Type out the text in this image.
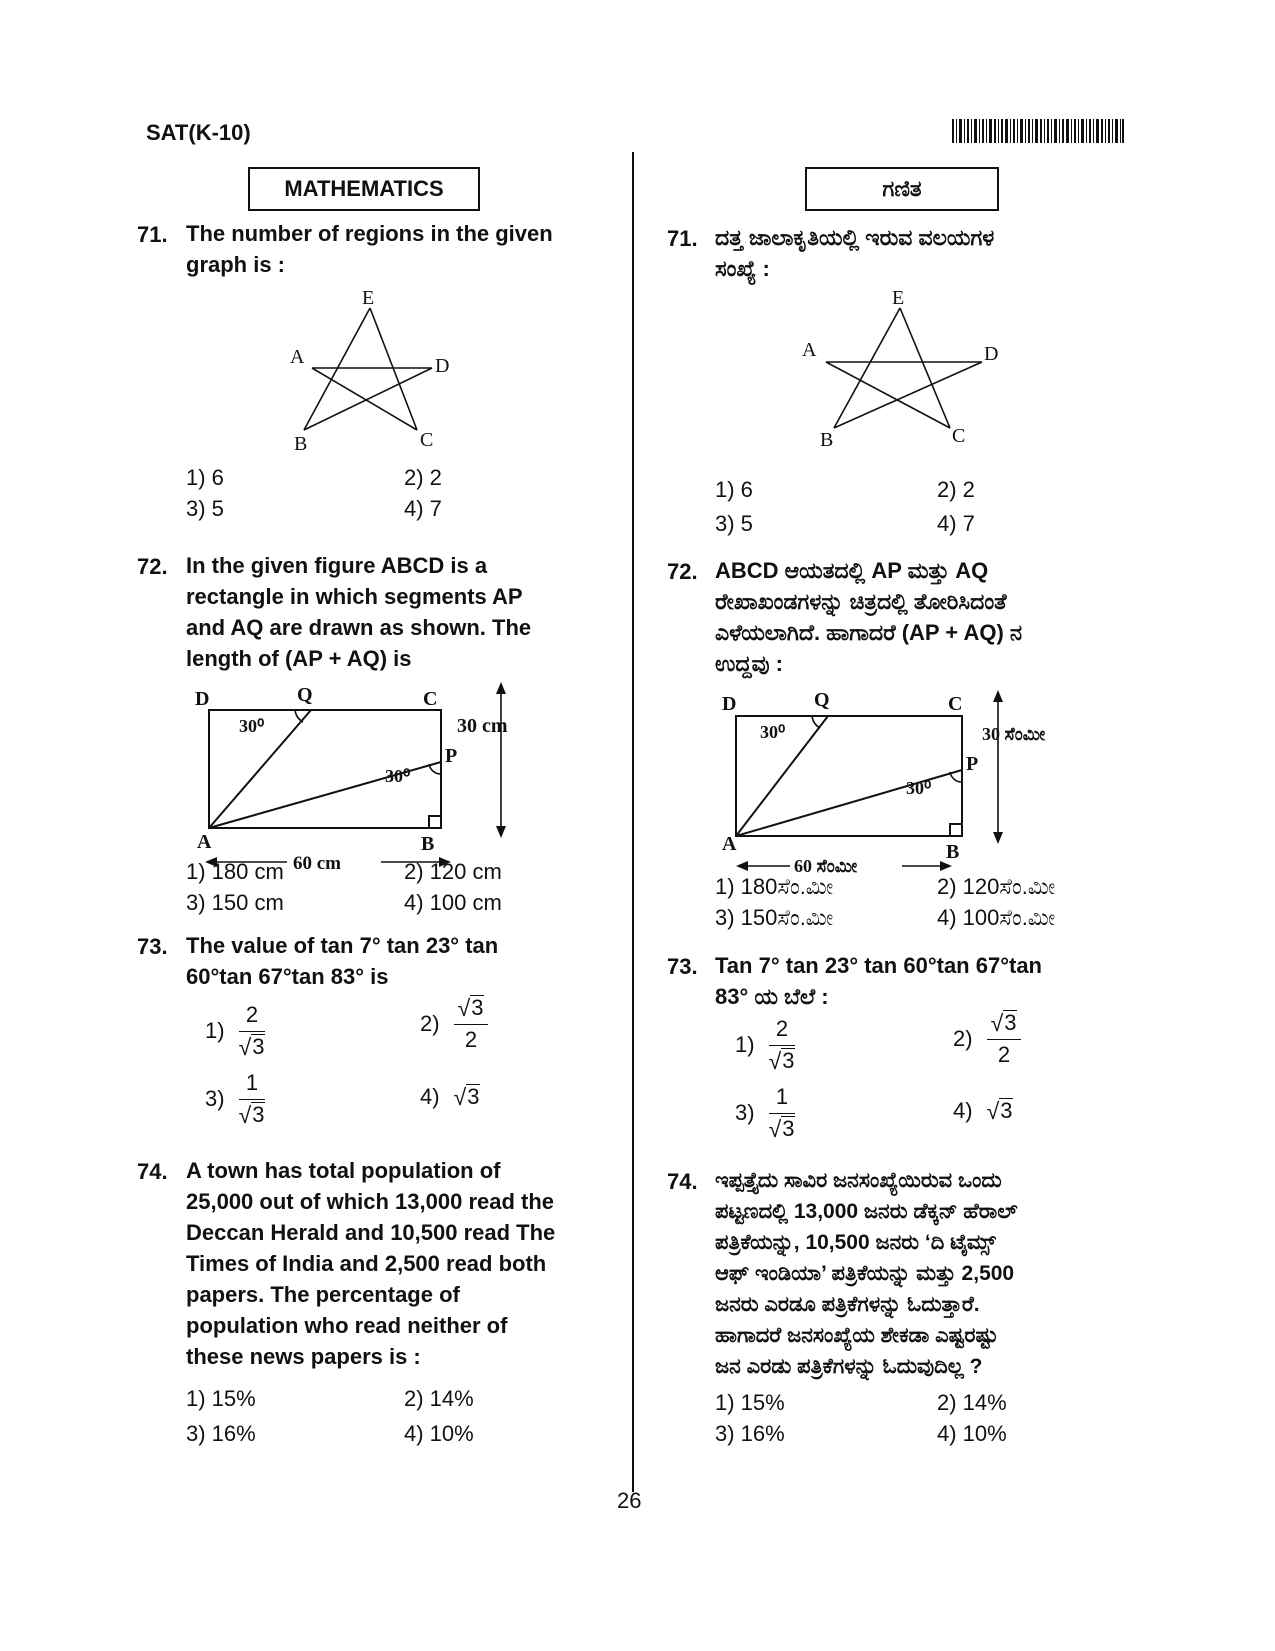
SAT(K-10)
MATHEMATICS
71. The number of regions in the given
graph is :
E
A	D
B	C
1) 6	2) 2
3) 5	4) 7
72. In the given figure ABCD is a
rectangle in which segments AP
and AQ are drawn as shown. The
length of (AP + AQ) is
D	Q	C
P
A	B
30⁰
30⁰
30 cm
60 cm
1) 180 cm	2) 120 cm
3) 150 cm	4) 100 cm
73. The value of tan 7° tan 23° tan
60°tan 67°tan 83° is
$1) \frac{2}{√ 3}$	$2) \frac{√ 3}{2}$
$3) \frac{1}{√ 3}$	4) √ 3
74. A town has total population of
25,000 out of which 13,000 read the
Deccan Herald and 10,500 read The
Times of India and 2,500 read both
papers. The percentage of
population who read neither of
these news papers is :
1) 15%	2) 14%
3) 16%	4) 10%
ಗಣಿತ
71. ದತ್ತ ಜಾಲಾಕೃತಿಯಲ್ಲಿ ಇರುವ ವಲಯಗಳ
ಸಂಖ್ಯೆ :
E
A	D
B	C
1) 6	2) 2
3) 5	4) 7
72. ABCD ಆಯತದಲ್ಲಿ AP ಮತ್ತು AQ
ರೇಖಾಖಂಡಗಳನ್ನು ಚಿತ್ರದಲ್ಲಿ ತೋರಿಸಿದಂತೆ
ಎಳೆಯಲಾಗಿದೆ. ಹಾಗಾದರೆ (AP + AQ) ನ
ಉದ್ದವು :
D	Q	C
P
A	B
30⁰
30⁰
30 ಸೆಂಮೀ
60 ಸೆಂಮೀ
1) 180ಸೆಂ.ಮೀ	2) 120ಸೆಂ.ಮೀ
3) 150ಸೆಂ.ಮೀ	4) 100ಸೆಂ.ಮೀ
73. Tan 7° tan 23° tan 60°tan 67°tan
83° ಯ ಬೆಲೆ :
$1) \frac{2}{√ 3}$	$2) \frac{√ 3}{2}$
$3) \frac{1}{√ 3}$	4) √ 3
74. ಇಪ್ಪತ್ತೈದು ಸಾವಿರ ಜನಸಂಖ್ಯೆಯಿರುವ ಒಂದು
ಪಟ್ಟಣದಲ್ಲಿ 13,000 ಜನರು ಡೆಕ್ಕನ್ ಹೆರಾಲ್
ಪತ್ರಿಕೆಯನ್ನು, 10,500 ಜನರು ‘ದಿ ಟೈಮ್ಸ್
ಆಫ್ ಇಂಡಿಯಾ’ ಪತ್ರಿಕೆಯನ್ನು ಮತ್ತು 2,500
ಜನರು ಎರಡೂ ಪತ್ರಿಕೆಗಳನ್ನು ಓದುತ್ತಾರೆ.
ಹಾಗಾದರೆ ಜನಸಂಖ್ಯೆಯ ಶೇಕಡಾ ಎಷ್ಟರಷ್ಟು
ಜನ ಎರಡು ಪತ್ರಿಕೆಗಳನ್ನು ಓದುವುದಿಲ್ಲ ?
1) 15%	2) 14%
3) 16%	4) 10%
26
